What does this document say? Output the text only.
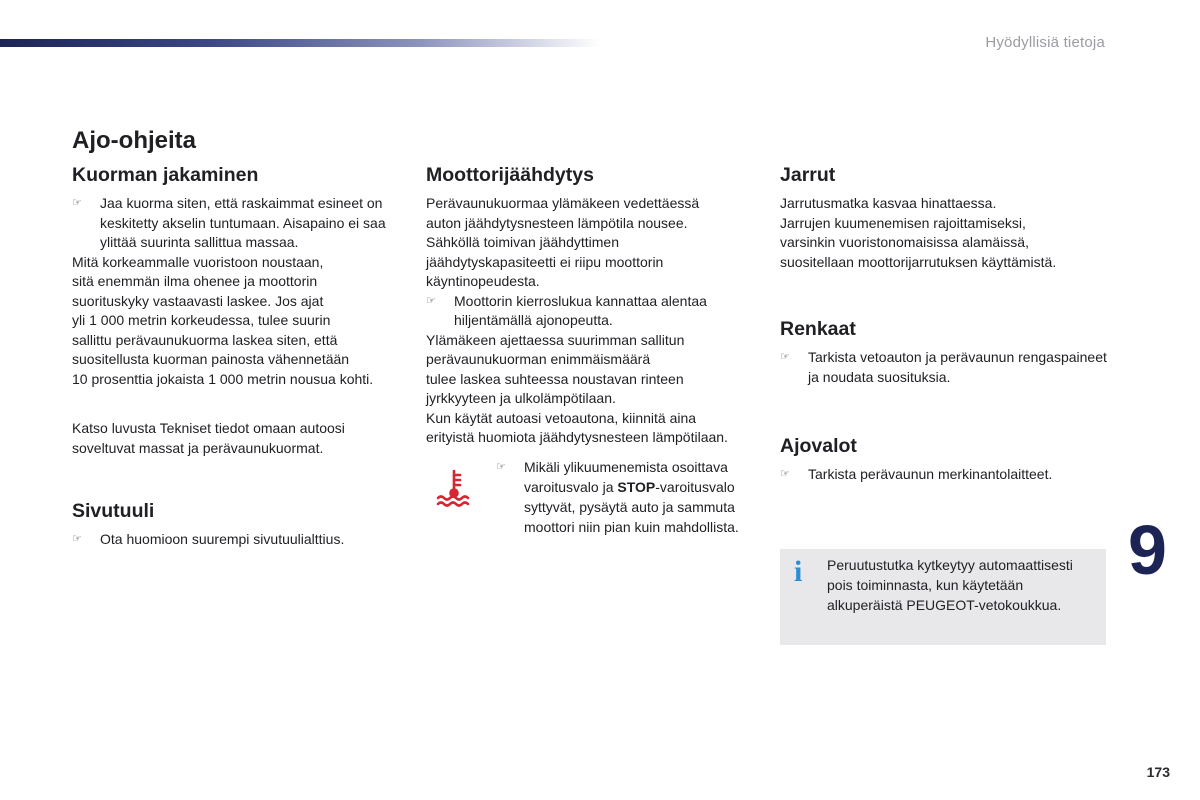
Hyödyllisiä tietoja
Ajo-ohjeita
Kuorman jakaminen

☞ Jaa kuorma siten, että raskaimmat esineet on keskitetty akselin tuntumaan. Aisapaino ei saa ylittää suurinta sallittua massaa.

Mitä korkeammalle vuoristoon noustaan,
sitä enemmän ilma ohenee ja moottorin
suorituskyky vastaavasti laskee. Jos ajat
yli 1 000 metrin korkeudessa, tulee suurin
sallittu perävaunukuorma laskea siten, että
suositellusta kuorman painosta vähennetään
10 prosenttia jokaista 1 000 metrin nousua kohti.

Katso luvusta Tekniset tiedot omaan autoosi
soveltuvat massat ja perävaunukuormat.

Sivutuuli

☞ Ota huomioon suurempi sivutuulialttius.

Moottorijäähdytys

Perävaunukuormaa ylämäkeen vedettäessä
auton jäähdytysnesteen lämpötila nousee.
Sähköllä toimivan jäähdyttimen
jäähdytyskapasiteetti ei riipu moottorin
käyntinopeudesta.

☞ Moottorin kierroslukua kannattaa alentaa hiljentämällä ajonopeutta.

Ylämäkeen ajettaessa suurimman sallitun
perävaunukuorman enimmäismäärä
tulee laskea suhteessa noustavan rinteen
jyrkkyyteen ja ulkolämpötilaan.
Kun käytät autoasi vetoautona, kiinnitä aina
erityistä huomiota jäähdytysnesteen lämpötilaan.

☞ Mikäli ylikuumenemista osoittava varoitusvalo ja STOP-varoitusvalo syttyvät, pysäytä auto ja sammuta moottori niin pian kuin mahdollista.

Jarrut

Jarrutusmatka kasvaa hinattaessa.
Jarrujen kuumenemisen rajoittamiseksi,
varsinkin vuoristonomaisissa alamäissä,
suositellaan moottorijarrutuksen käyttämistä.

Renkaat

☞ Tarkista vetoauton ja perävaunun rengaspaineet ja noudata suosituksia.

Ajovalot

☞ Tarkista perävaunun merkinantolaitteet.

i Peruutustutka kytkeytyy automaattisesti pois toiminnasta, kun käytetään alkuperäistä PEUGEOT-vetokoukkua.

9
173
